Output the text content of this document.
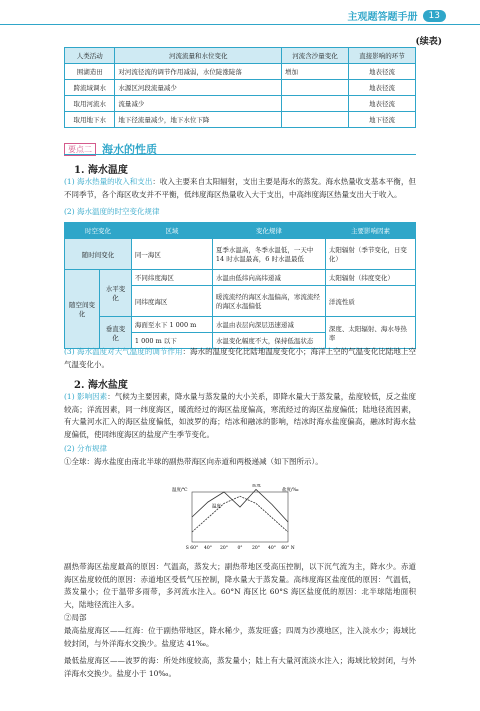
主观题答题手册	13
(续表)
人类活动	河流流量和水位变化	河流含沙量变化	直接影响的环节
围湖造田	对河流径流的调节作用减弱，水位陡涨陡落	增加	地表径流
跨流域调水	水源区河段流量减少		地表径流
取用河流水	流量减少		地表径流
取用地下水	地下径流量减少，地下水位下降		地下径流
要点二 海水的性质
1. 海水温度
(1) 海水热量的收入和支出：收入主要来自太阳辐射，支出主要是海水的蒸发。海水热量收支基本平衡，但不同季节，各个海区收支并不平衡，低纬度海区热量收入大于支出，中高纬度海区热量支出大于收入。
(2) 海水温度的时空变化规律
时空变化		区域	变化规律	主要影响因素
随时间变化		同一海区	夏季水温高，冬季水温低，一天中 14 时水温最高，6 时水温最低	太阳辐射（季节变化，日变化）
随空间变化	水平变化	不同纬度海区	水温由低纬向高纬递减	太阳辐射（纬度变化）
		同纬度海区	暖流流经的海区水温偏高，寒流流经的海区水温偏低	洋流性质
	垂直变化	海面至水下 1 000 m	水温由表层向深层迅速递减	深度、太阳辐射、海水导热率
		1 000 m 以下	水温变化幅度不大，保持低温状态	
(3) 海水温度对大气温度的调节作用：海水的温度变化比陆地温度变化小；海洋上空的气温变化比陆地上空气温变化小。
2. 海水盐度
(1) 影响因素：气候为主要因素，降水量与蒸发量的大小关系，即降水量大于蒸发量，盐度较低，反之盐度较高；洋流因素，同一纬度海区，暖流经过的海区盐度偏高，寒流经过的海区盐度偏低；陆地径流因素，有大量河水汇入的海区盐度偏低，如波罗的海；结冰和融冰的影响，结冰时海水盐度偏高，融冰时海水盐度偏低，使同纬度海区的盐度产生季节变化。
(2) 分布规律
①全球：海水盐度由南北半球的副热带海区向赤道和两极递减（如下图所示）。
S 60° 40° 20° 0° 20° 40° 60° N
温度/℃	盐度/‰
温度
盐度
副热带海区盐度最高的原因：气温高，蒸发大；副热带地区受高压控制，以下沉气流为主，降水少。赤道海区盐度较低的原因：赤道地区受低气压控制，降水量大于蒸发量。高纬度海区盐度低的原因：气温低，蒸发量小；位于温带多雨带，多河流水注入。60°N 海区比 60°S 海区盐度低的原因：北半球陆地面积大，陆地径流注入多。
②局部
最高盐度海区——红海：位于副热带地区，降水稀少，蒸发旺盛；四周为沙漠地区，注入淡水少；海域比较封闭，与外洋海水交换少。盐度达 41‰。
最低盐度海区——波罗的海：所处纬度较高，蒸发量小；陆上有大量河流淡水注入；海域比较封闭，与外洋海水交换少。盐度小于 10‰。
